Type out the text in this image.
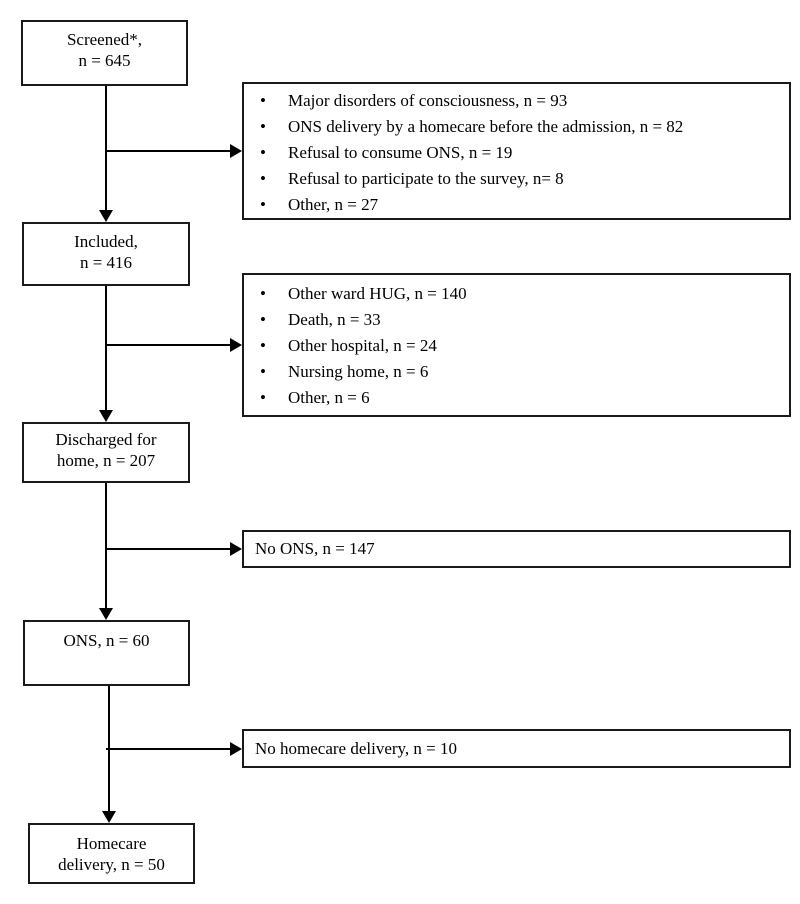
Screened*,
n = 645
Included,
n = 416
Discharged for
home, n = 207
ONS, n = 60
Homecare
delivery, n = 50
• Major disorders of consciousness, n = 93
• ONS delivery by a homecare before the admission, n = 82
• Refusal to consume ONS, n = 19
• Refusal to participate to the survey, n= 8
• Other, n = 27
• Other ward HUG, n = 140
• Death, n = 33
• Other hospital, n = 24
• Nursing home, n = 6
• Other, n = 6
No ONS, n = 147
No homecare delivery, n = 10
